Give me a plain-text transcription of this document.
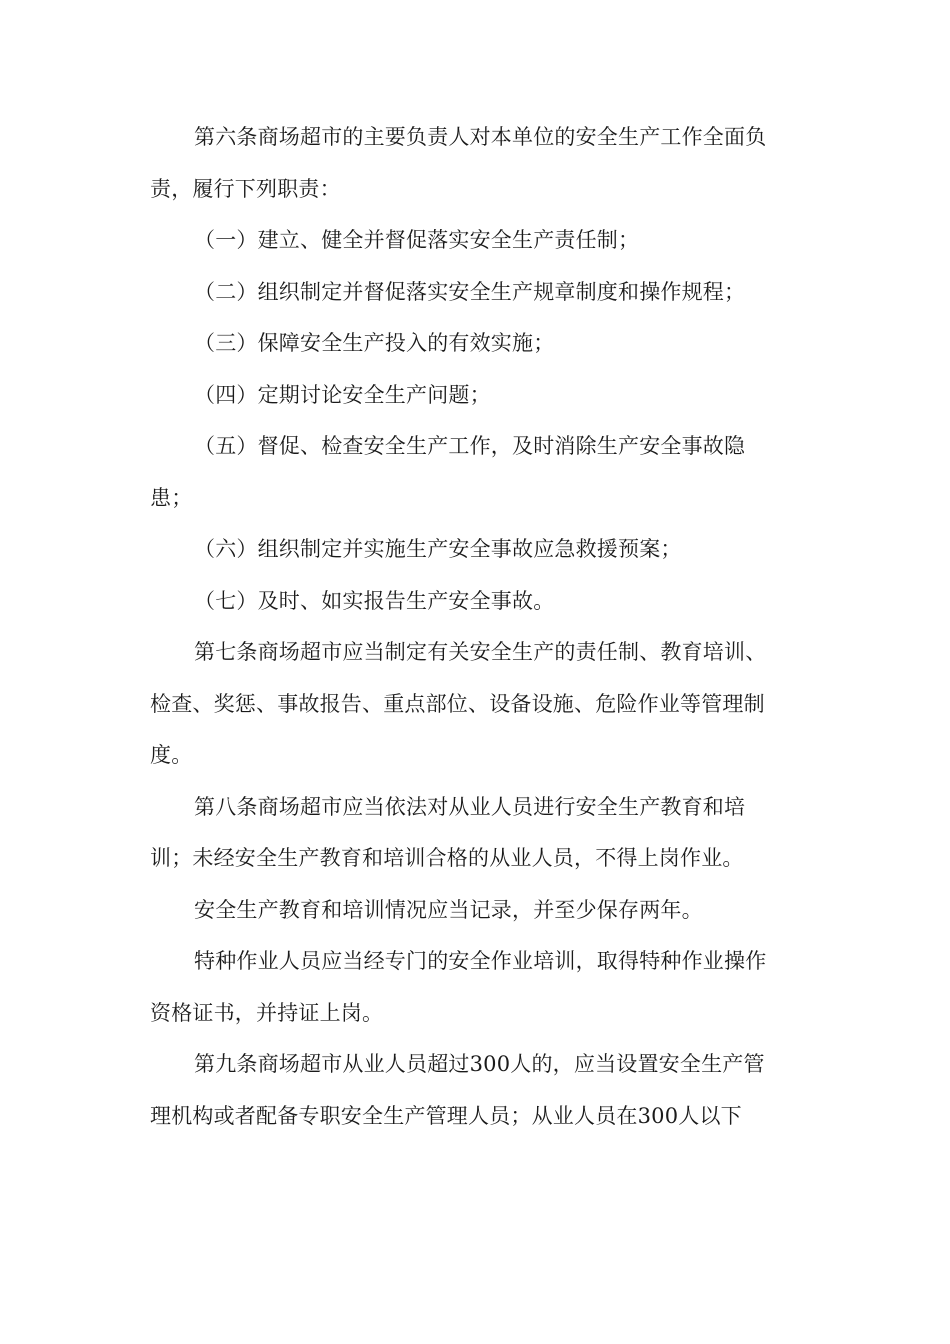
第六条商场超市的主要负责人对本单位的安全生产工作全面负
责，履行下列职责：

（一）建立、健全并督促落实安全生产责任制；

（二）组织制定并督促落实安全生产规章制度和操作规程；

（三）保障安全生产投入的有效实施；

（四）定期讨论安全生产问题；

（五）督促、检查安全生产工作，及时消除生产安全事故隐
患；

（六）组织制定并实施生产安全事故应急救援预案；

（七）及时、如实报告生产安全事故。

第七条商场超市应当制定有关安全生产的责任制、教育培训、
检查、奖惩、事故报告、重点部位、设备设施、危险作业等管理制
度。

第八条商场超市应当依法对从业人员进行安全生产教育和培
训；未经安全生产教育和培训合格的从业人员，不得上岗作业。

安全生产教育和培训情况应当记录，并至少保存两年。

特种作业人员应当经专门的安全作业培训，取得特种作业操作
资格证书，并持证上岗。

第九条商场超市从业人员超过300人的，应当设置安全生产管
理机构或者配备专职安全生产管理人员；从业人员在300人以下
